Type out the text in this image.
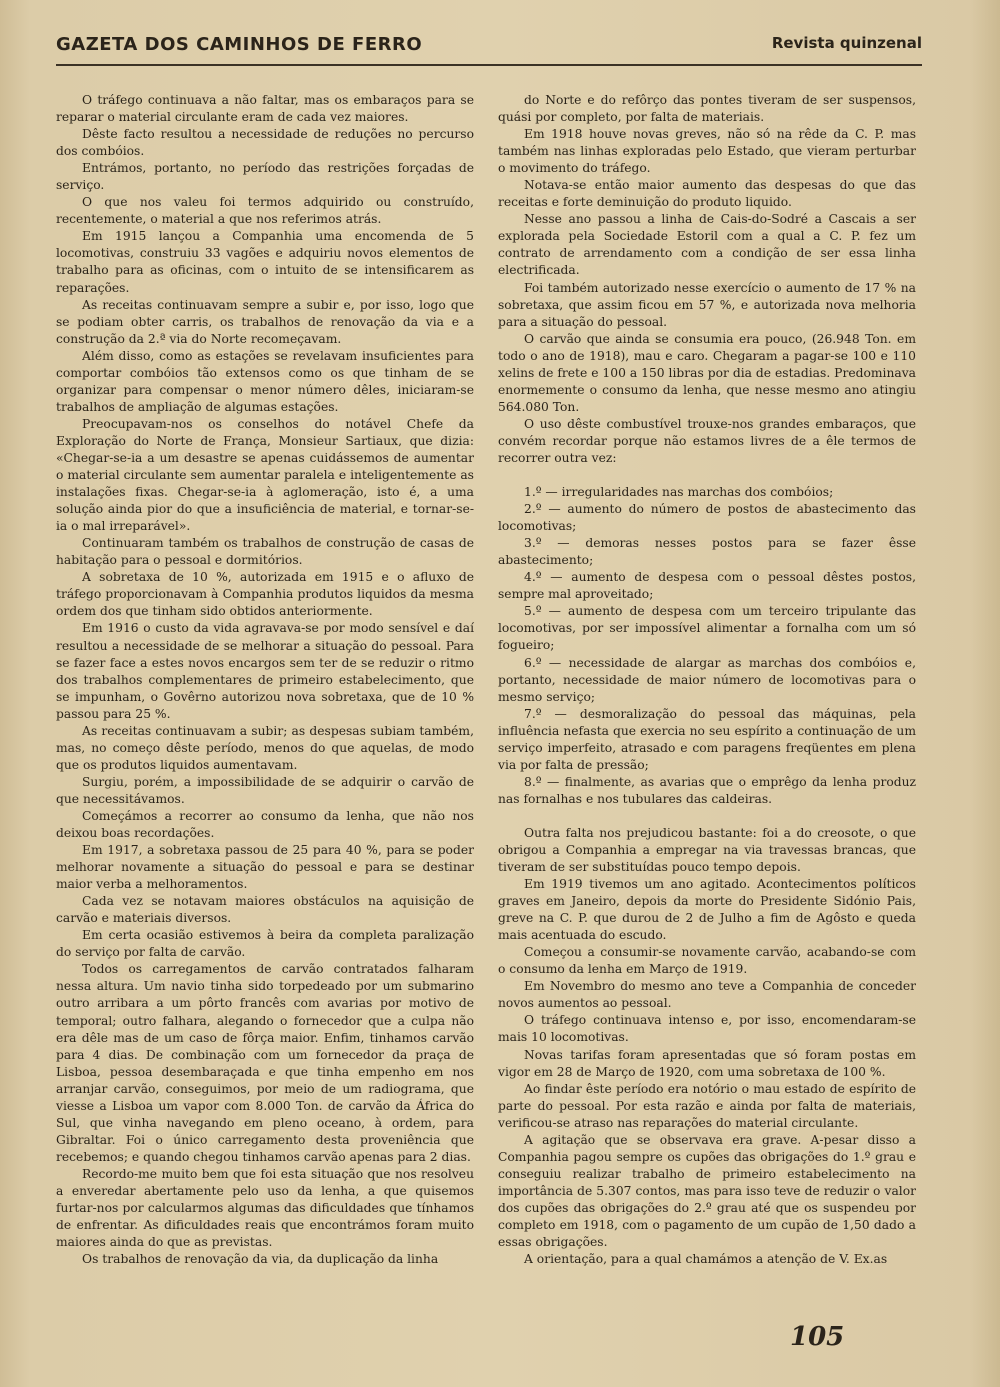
GAZETA DOS CAMINHOS DE FERRO	Revista quinzenal

O tráfego continuava a não faltar, mas os embaraços para se reparar o material circulante eram de cada vez maiores.

Dêste facto resultou a necessidade de reduções no percurso dos combóios.

Entrámos, portanto, no período das restrições forçadas de serviço.

O que nos valeu foi termos adquirido ou construído, recentemente, o material a que nos referimos atrás.

Em 1915 lançou a Companhia uma encomenda de 5 locomotivas, construiu 33 vagões e adquiriu novos elementos de trabalho para as oficinas, com o intuito de se intensificarem as reparações.

As receitas continuavam sempre a subir e, por isso, logo que se podiam obter carris, os trabalhos de renovação da via e a construção da 2.ª via do Norte recomeçavam.

Além disso, como as estações se revelavam insuficientes para comportar combóios tão extensos como os que tinham de se organizar para compensar o menor número dêles, iniciaram-se trabalhos de ampliação de algumas estações.

Preocupavam-nos os conselhos do notável Chefe da Exploração do Norte de França, Monsieur Sartiaux, que dizia: «Chegar-se-ia a um desastre se apenas cuidássemos de aumentar o material circulante sem aumentar paralela e inteligentemente as instalações fixas. Chegar-se-ia à aglomeração, isto é, a uma solução ainda pior do que a insuficiência de material, e tornar-se-ia o mal irreparável».

Continuaram também os trabalhos de construção de casas de habitação para o pessoal e dormitórios.

A sobretaxa de 10 %, autorizada em 1915 e o afluxo de tráfego proporcionavam à Companhia produtos liquidos da mesma ordem dos que tinham sido obtidos anteriormente.

Em 1916 o custo da vida agravava-se por modo sensível e daí resultou a necessidade de se melhorar a situação do pessoal. Para se fazer face a estes novos encargos sem ter de se reduzir o ritmo dos trabalhos complementares de primeiro estabelecimento, que se impunham, o Govêrno autorizou nova sobretaxa, que de 10 % passou para 25 %.

As receitas continuavam a subir; as despesas subiam também, mas, no começo dêste período, menos do que aquelas, de modo que os produtos liquidos aumentavam.

Surgiu, porém, a impossibilidade de se adquirir o carvão de que necessitávamos.

Começámos a recorrer ao consumo da lenha, que não nos deixou boas recordações.

Em 1917, a sobretaxa passou de 25 para 40 %, para se poder melhorar novamente a situação do pessoal e para se destinar maior verba a melhoramentos.

Cada vez se notavam maiores obstáculos na aquisição de carvão e materiais diversos.

Em certa ocasião estivemos à beira da completa paralização do serviço por falta de carvão.

Todos os carregamentos de carvão contratados falharam nessa altura. Um navio tinha sido torpedeado por um submarino outro arribara a um pôrto francês com avarias por motivo de temporal; outro falhara, alegando o fornecedor que a culpa não era dêle mas de um caso de fôrça maior. Enfim, tinhamos carvão para 4 dias. De combinação com um fornecedor da praça de Lisboa, pessoa desembaraçada e que tinha empenho em nos arranjar carvão, conseguimos, por meio de um radiograma, que viesse a Lisboa um vapor com 8.000 Ton. de carvão da África do Sul, que vinha navegando em pleno oceano, à ordem, para Gibraltar. Foi o único carregamento desta proveniência que recebemos; e quando chegou tinhamos carvão apenas para 2 dias.

Recordo-me muito bem que foi esta situação que nos resolveu a enveredar abertamente pelo uso da lenha, a que quisemos furtar-nos por calcularmos algumas das dificuldades que tínhamos de enfrentar. As dificuldades reais que encontrámos foram muito maiores ainda do que as previstas.

Os trabalhos de renovação da via, da duplicação da linha

do Norte e do refôrço das pontes tiveram de ser suspensos, quási por completo, por falta de materiais.

Em 1918 houve novas greves, não só na rêde da C. P. mas também nas linhas exploradas pelo Estado, que vieram perturbar o movimento do tráfego.

Notava-se então maior aumento das despesas do que das receitas e forte deminuição do produto liquido.

Nesse ano passou a linha de Cais-do-Sodré a Cascais a ser explorada pela Sociedade Estoril com a qual a C. P. fez um contrato de arrendamento com a condição de ser essa linha electrificada.

Foi também autorizado nesse exercício o aumento de 17 % na sobretaxa, que assim ficou em 57 %, e autorizada nova melhoria para a situação do pessoal.

O carvão que ainda se consumia era pouco, (26.948 Ton. em todo o ano de 1918), mau e caro. Chegaram a pagar-se 100 e 110 xelins de frete e 100 a 150 libras por dia de estadias. Predominava enormemente o consumo da lenha, que nesse mesmo ano atingiu 564.080 Ton.

O uso dêste combustível trouxe-nos grandes embaraços, que convém recordar porque não estamos livres de a êle termos de recorrer outra vez:

1.º — irregularidades nas marchas dos combóios;

2.º — aumento do número de postos de abastecimento das locomotivas;

3.º — demoras nesses postos para se fazer êsse abastecimento;

4.º — aumento de despesa com o pessoal dêstes postos, sempre mal aproveitado;

5.º — aumento de despesa com um terceiro tripulante das locomotivas, por ser impossível alimentar a fornalha com um só fogueiro;

6.º — necessidade de alargar as marchas dos combóios e, portanto, necessidade de maior número de locomotivas para o mesmo serviço;

7.º — desmoralização do pessoal das máquinas, pela influência nefasta que exercia no seu espírito a continuação de um serviço imperfeito, atrasado e com paragens freqüentes em plena via por falta de pressão;

8.º — finalmente, as avarias que o emprêgo da lenha produz nas fornalhas e nos tubulares das caldeiras.

Outra falta nos prejudicou bastante: foi a do creosote, o que obrigou a Companhia a empregar na via travessas brancas, que tiveram de ser substituídas pouco tempo depois.

Em 1919 tivemos um ano agitado. Acontecimentos políticos graves em Janeiro, depois da morte do Presidente Sidónio Pais, greve na C. P. que durou de 2 de Julho a fim de Agôsto e queda mais acentuada do escudo.

Começou a consumir-se novamente carvão, acabando-se com o consumo da lenha em Março de 1919.

Em Novembro do mesmo ano teve a Companhia de conceder novos aumentos ao pessoal.

O tráfego continuava intenso e, por isso, encomendaram-se mais 10 locomotivas.

Novas tarifas foram apresentadas que só foram postas em vigor em 28 de Março de 1920, com uma sobretaxa de 100 %.

Ao findar êste período era notório o mau estado de espírito de parte do pessoal. Por esta razão e ainda por falta de materiais, verificou-se atraso nas reparações do material circulante.

A agitação que se observava era grave. A-pesar disso a Companhia pagou sempre os cupões das obrigações do 1.º grau e conseguiu realizar trabalho de primeiro estabelecimento na importância de 5.307 contos, mas para isso teve de reduzir o valor dos cupões das obrigações do 2.º grau até que os suspendeu por completo em 1918, com o pagamento de um cupão de 1,50 dado a essas obrigações.

A orientação, para a qual chamámos a atenção de V. Ex.as

105
